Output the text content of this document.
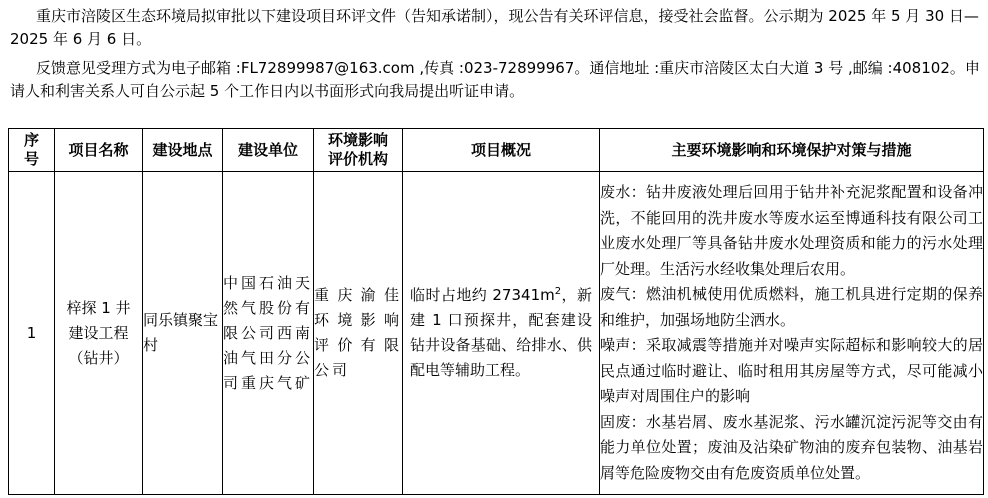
重庆市涪陵区生态环境局拟审批以下建设项目环评文件（告知承诺制），现公告有关环评信息，接受社会监督。公示期为 2025 年 5 月 30 日—2025 年 6 月 6 日。

反馈意见受理方式为电子邮箱 :FL72899987@163.com ,传真 :023-72899967。通信地址 :重庆市涪陵区太白大道 3 号 ,邮编 :408102。申请人和利害关系人可自公示起 5 个工作日内以书面形式向我局提出听证申请。

序号	项目名称	建设地点	建设单位	环境影响评价机构	项目概况	主要环境影响和环境保护对策与措施
1	梓探 1 井建设工程（钻井）	同乐镇聚宝村	中国石油天然气股份有限公司西南油气田分公司重庆气矿	重庆渝佳环境影响评价有限公司	临时占地约 $27341m^2$，新建 1 口预探井，配套建设钻井设备基础、给排水、供配电等辅助工程。	废水：钻井废液处理后回用于钻井补充泥浆配置和设备冲洗，不能回用的洗井废水等废水运至博通科技有限公司工业废水处理厂等具备钻井废水处理资质和能力的污水处理厂处理。生活污水经收集处理后农用。

废气：燃油机械使用优质燃料，施工机具进行定期的保养和维护，加强场地防尘洒水。

噪声：采取减震等措施并对噪声实际超标和影响较大的居民点通过临时避让、临时租用其房屋等方式，尽可能减小噪声对周围住户的影响

固废：水基岩屑、废水基泥浆、污水罐沉淀污泥等交由有能力单位处置；废油及沾染矿物油的废弃包装物、油基岩屑等危险废物交由有危废资质单位处置。
